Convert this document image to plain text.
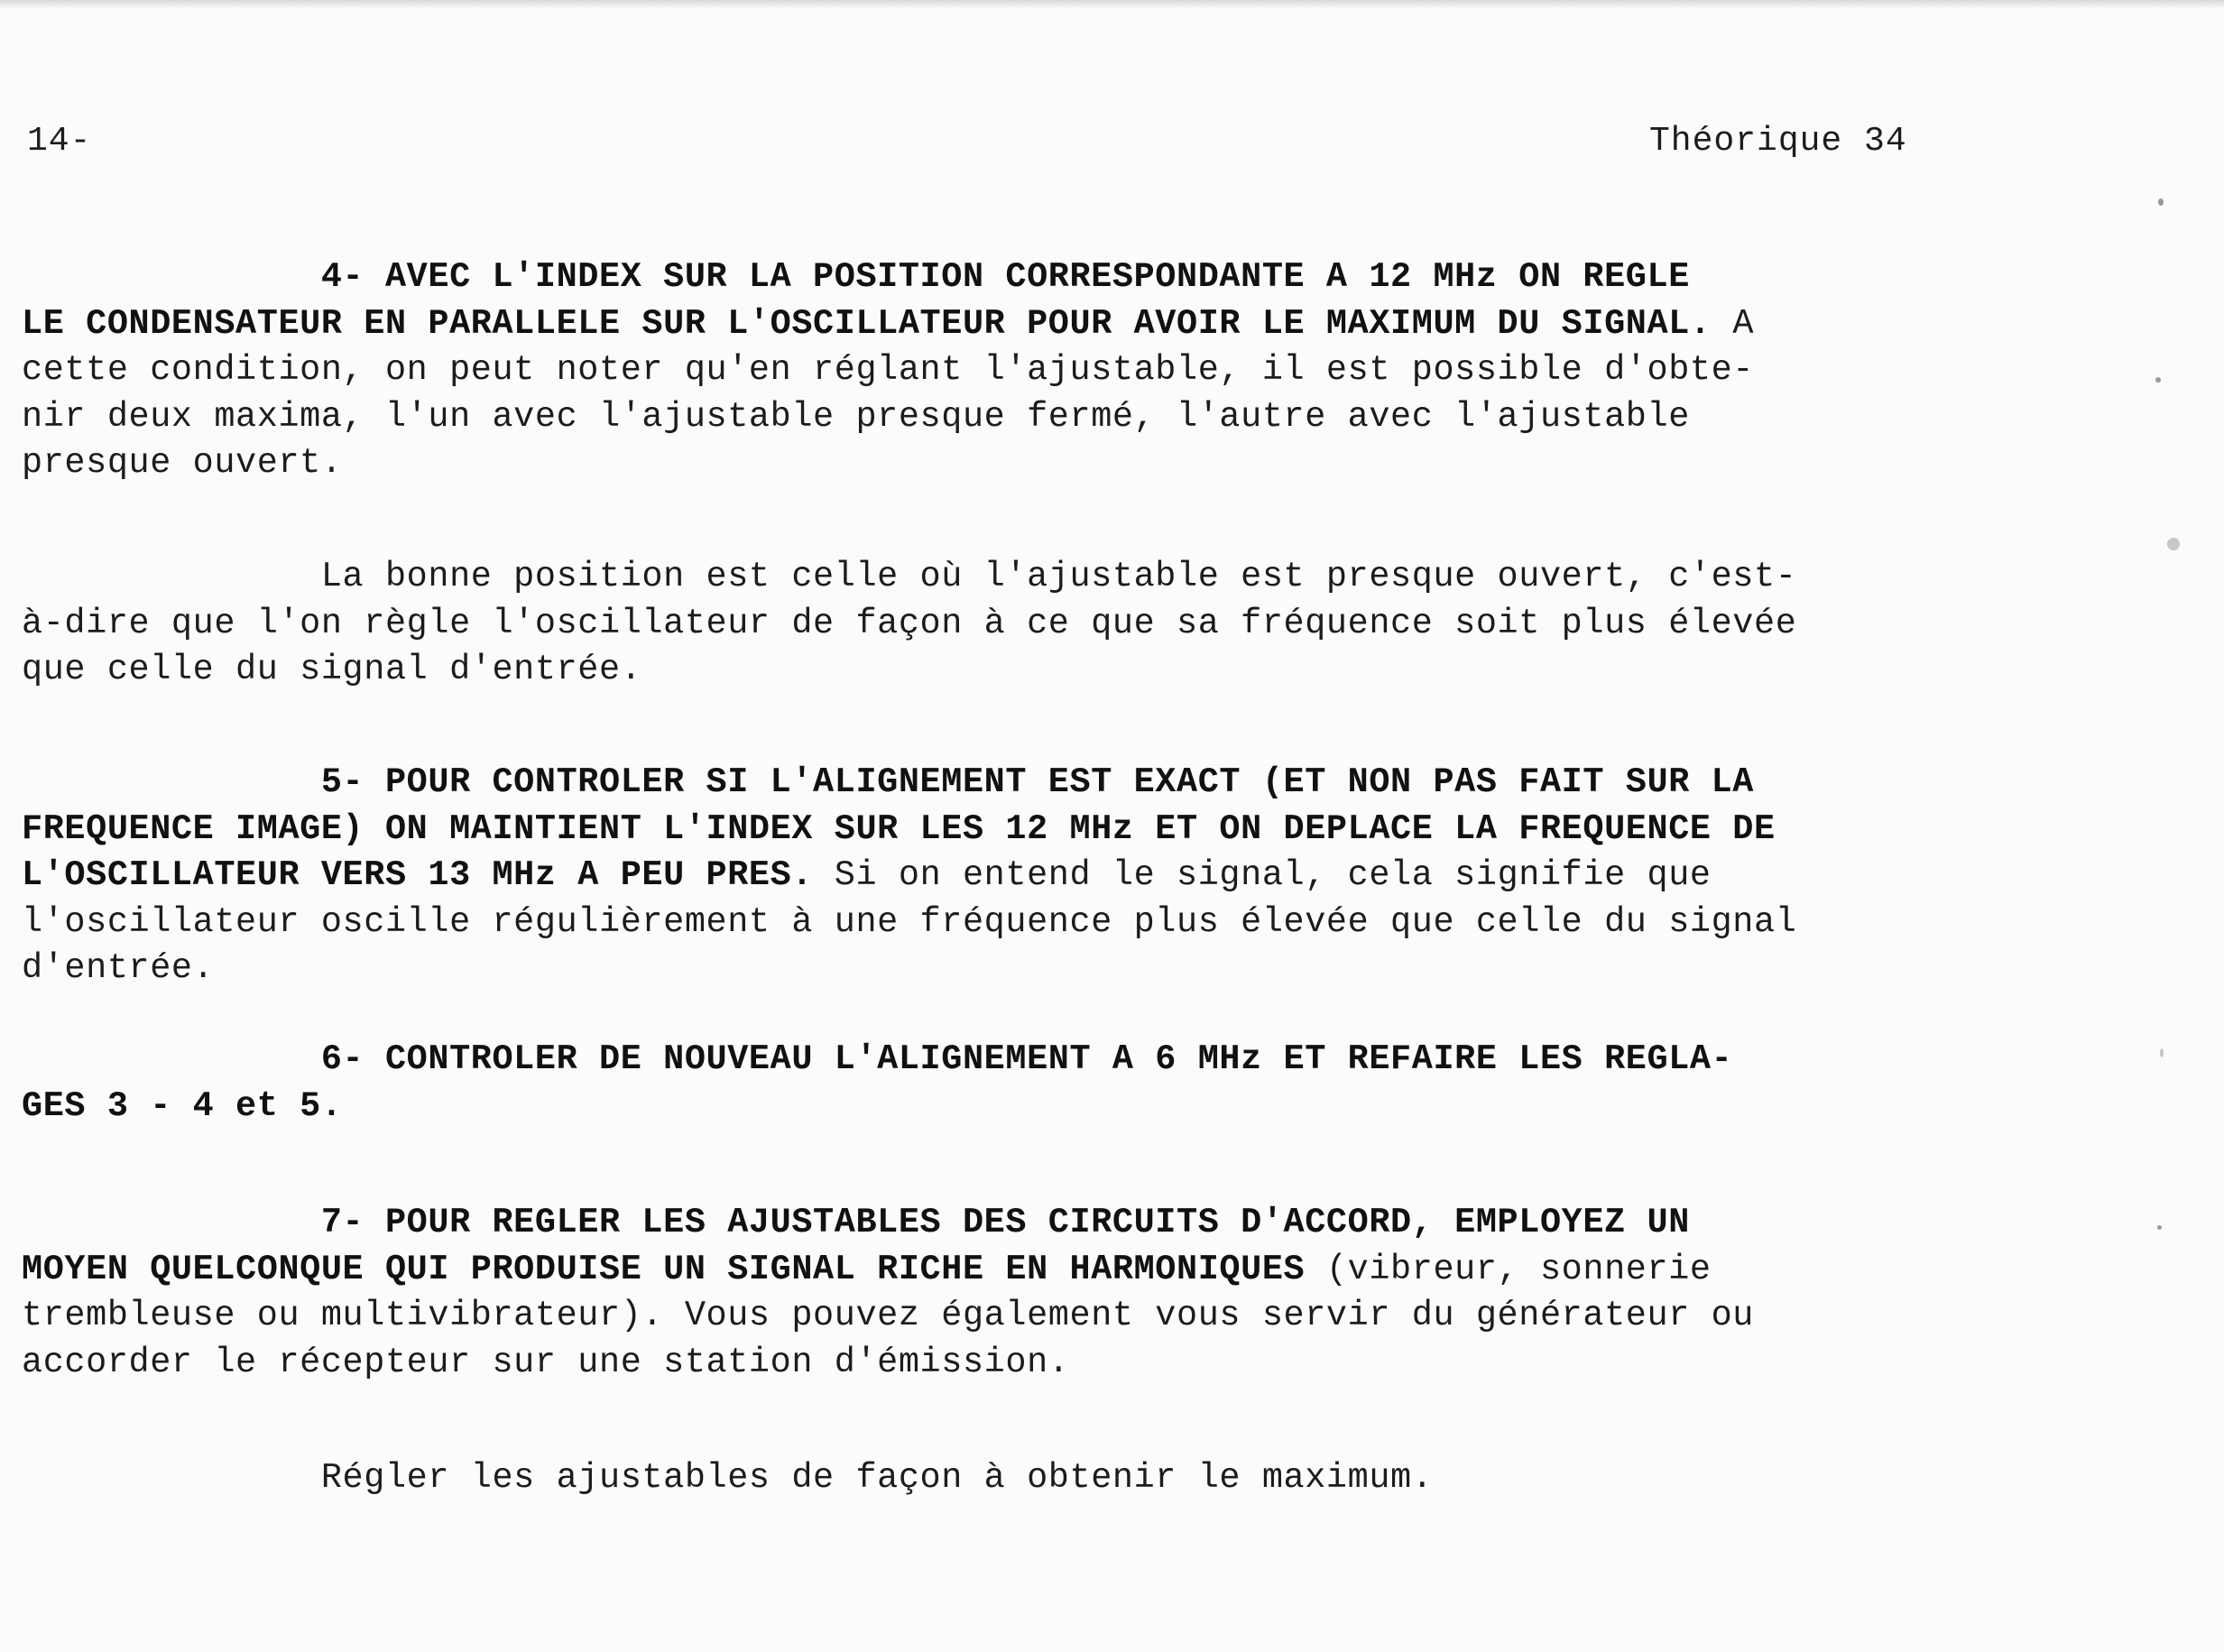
14-	Théorique 34
4- AVEC L'INDEX SUR LA POSITION CORRESPONDANTE A 12 MHz ON REGLE
LE CONDENSATEUR EN PARALLELE SUR L'OSCILLATEUR POUR AVOIR LE MAXIMUM DU SIGNAL. A
cette condition, on peut noter qu'en réglant l'ajustable, il est possible d'obte-
nir deux maxima, l'un avec l'ajustable presque fermé, l'autre avec l'ajustable
presque ouvert.
La bonne position est celle où l'ajustable est presque ouvert, c'est-
à-dire que l'on règle l'oscillateur de façon à ce que sa fréquence soit plus élevée
que celle du signal d'entrée.
5- POUR CONTROLER SI L'ALIGNEMENT EST EXACT (ET NON PAS FAIT SUR LA
FREQUENCE IMAGE) ON MAINTIENT L'INDEX SUR LES 12 MHz ET ON DEPLACE LA FREQUENCE DE
L'OSCILLATEUR VERS 13 MHz A PEU PRES. Si on entend le signal, cela signifie que
l'oscillateur oscille régulièrement à une fréquence plus élevée que celle du signal
d'entrée.
6- CONTROLER DE NOUVEAU L'ALIGNEMENT A 6 MHz ET REFAIRE LES REGLA-
GES 3 - 4 et 5.
7- POUR REGLER LES AJUSTABLES DES CIRCUITS D'ACCORD, EMPLOYEZ UN
MOYEN QUELCONQUE QUI PRODUISE UN SIGNAL RICHE EN HARMONIQUES (vibreur, sonnerie
trembleuse ou multivibrateur). Vous pouvez également vous servir du générateur ou
accorder le récepteur sur une station d'émission.
Régler les ajustables de façon à obtenir le maximum.
